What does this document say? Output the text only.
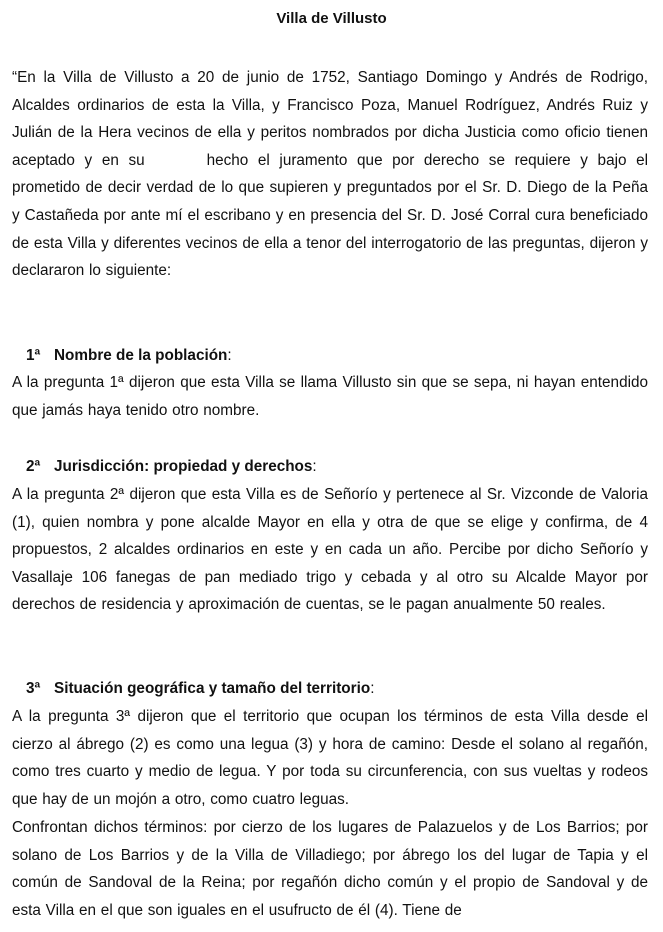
Villa de Villusto

“En la Villa de Villusto a 20 de junio de 1752, Santiago Domingo y Andrés de Rodrigo, Alcaldes ordinarios de esta la Villa, y Francisco Poza, Manuel Rodríguez, Andrés Ruiz y Julián de la Hera vecinos de ella y peritos nombrados por dicha Justicia como oficio tienen aceptado y en su	hecho el juramento que por derecho se requiere y bajo el prometido de decir verdad de lo que supieren y preguntados por el Sr. D. Diego de la Peña y Castañeda por ante mí el escribano y en presencia del Sr. D. José Corral cura beneficiado de esta Villa y diferentes vecinos de ella a tenor del interrogatorio de las preguntas, dijeron y declararon lo siguiente:

1ª Nombre de la población:

A la pregunta 1ª dijeron que esta Villa se llama Villusto sin que se sepa, ni hayan entendido que jamás haya tenido otro nombre.

2ª Jurisdicción: propiedad y derechos:

A la pregunta 2ª dijeron que esta Villa es de Señorío y pertenece al Sr. Vizconde de Valoria (1), quien nombra y pone alcalde Mayor en ella y otra de que se elige y confirma, de 4 propuestos, 2 alcaldes ordinarios en este y en cada un año. Percibe por dicho Señorío y Vasallaje 106 fanegas de pan mediado trigo y cebada y al otro su Alcalde Mayor por derechos de residencia y aproximación de cuentas, se le pagan anualmente 50 reales.

3ª Situación geográfica y tamaño del territorio:

A la pregunta 3ª dijeron que el territorio que ocupan los términos de esta Villa desde el cierzo al ábrego (2) es como una legua (3) y hora de camino: Desde el solano al regañón, como tres cuarto y medio de legua. Y por toda su circunferencia, con sus vueltas y rodeos que hay de un mojón a otro, como cuatro leguas.

Confrontan dichos términos: por cierzo de los lugares de Palazuelos y de Los Barrios; por solano de Los Barrios y de la Villa de Villadiego; por ábrego los del lugar de Tapia y el común de Sandoval de la Reina; por regañón dicho común y el propio de Sandoval y de esta Villa en el que son iguales en el usufructo de él (4). Tiene de
